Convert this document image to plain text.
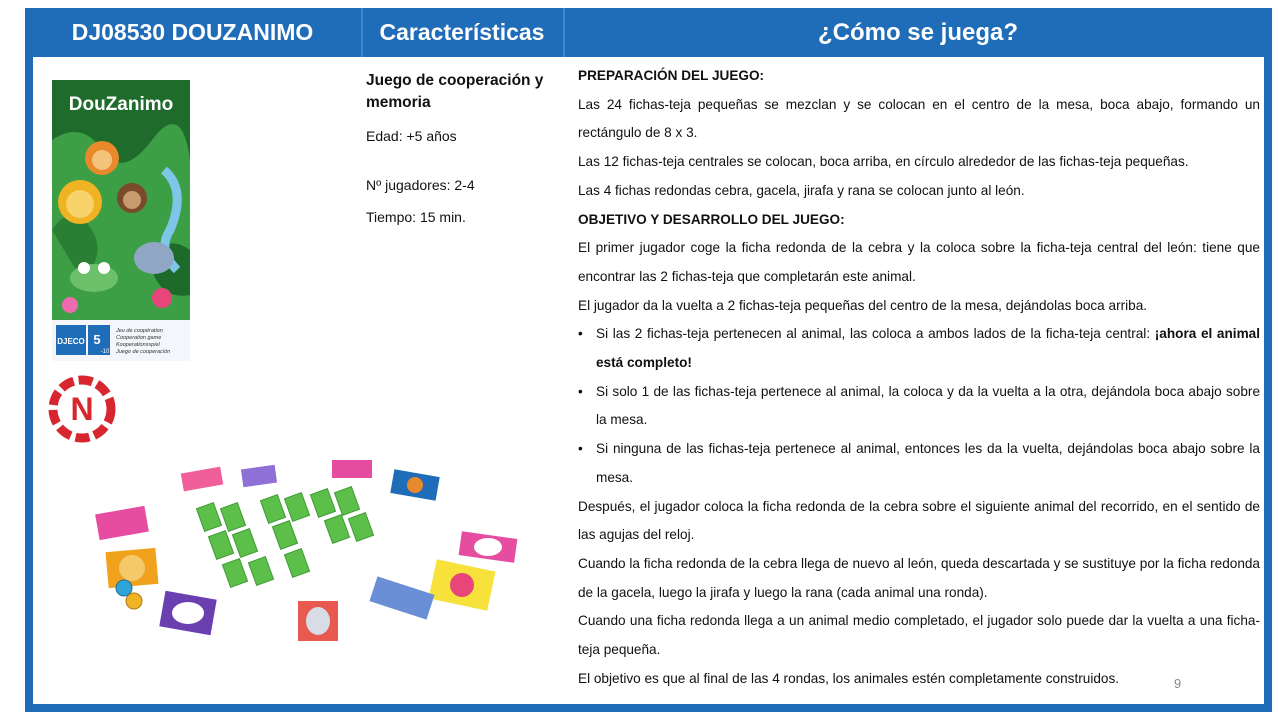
DJ08530 DOUZANIMO	Características	¿Cómo se juega?
DouZanimo
DJECO 5
-10
Jeu de coopération
Cooperation game
Kooperationsspiel
Juego de cooperación
N

Juego de cooperación y memoria

Edad: +5 años

Nº jugadores: 2-4

Tiempo: 15 min.

PREPARACIÓN DEL JUEGO:

Las 24 fichas-teja pequeñas se mezclan y se colocan en el centro de la mesa, boca abajo, formando un rectángulo de 8 x 3.

Las 12 fichas-teja centrales se colocan, boca arriba, en círculo alrededor de las fichas-teja pequeñas.

Las 4 fichas redondas cebra, gacela, jirafa y rana se colocan junto al león.

OBJETIVO Y DESARROLLO DEL JUEGO:

El primer jugador coge la ficha redonda de la cebra y la coloca sobre la ficha-teja central del león: tiene que encontrar las 2 fichas-teja que completarán este animal.

El jugador da la vuelta a 2 fichas-teja pequeñas del centro de la mesa, dejándolas boca arriba.

• Si las 2 fichas-teja pertenecen al animal, las coloca a ambos lados de la ficha-teja central: ¡ahora el animal está completo!
• Si solo 1 de las fichas-teja pertenece al animal, la coloca y da la vuelta a la otra, dejándola boca abajo sobre la mesa.
• Si ninguna de las fichas-teja pertenece al animal, entonces les da la vuelta, dejándolas boca abajo sobre la mesa.

Después, el jugador coloca la ficha redonda de la cebra sobre el siguiente animal del recorrido, en el sentido de las agujas del reloj.

Cuando la ficha redonda de la cebra llega de nuevo al león, queda descartada y se sustituye por la ficha redonda de la gacela, luego la jirafa y luego la rana (cada animal una ronda).

Cuando una ficha redonda llega a un animal medio completado, el jugador solo puede dar la vuelta a una ficha-teja pequeña.

El objetivo es que al final de las 4 rondas, los animales estén completamente construidos.	9
